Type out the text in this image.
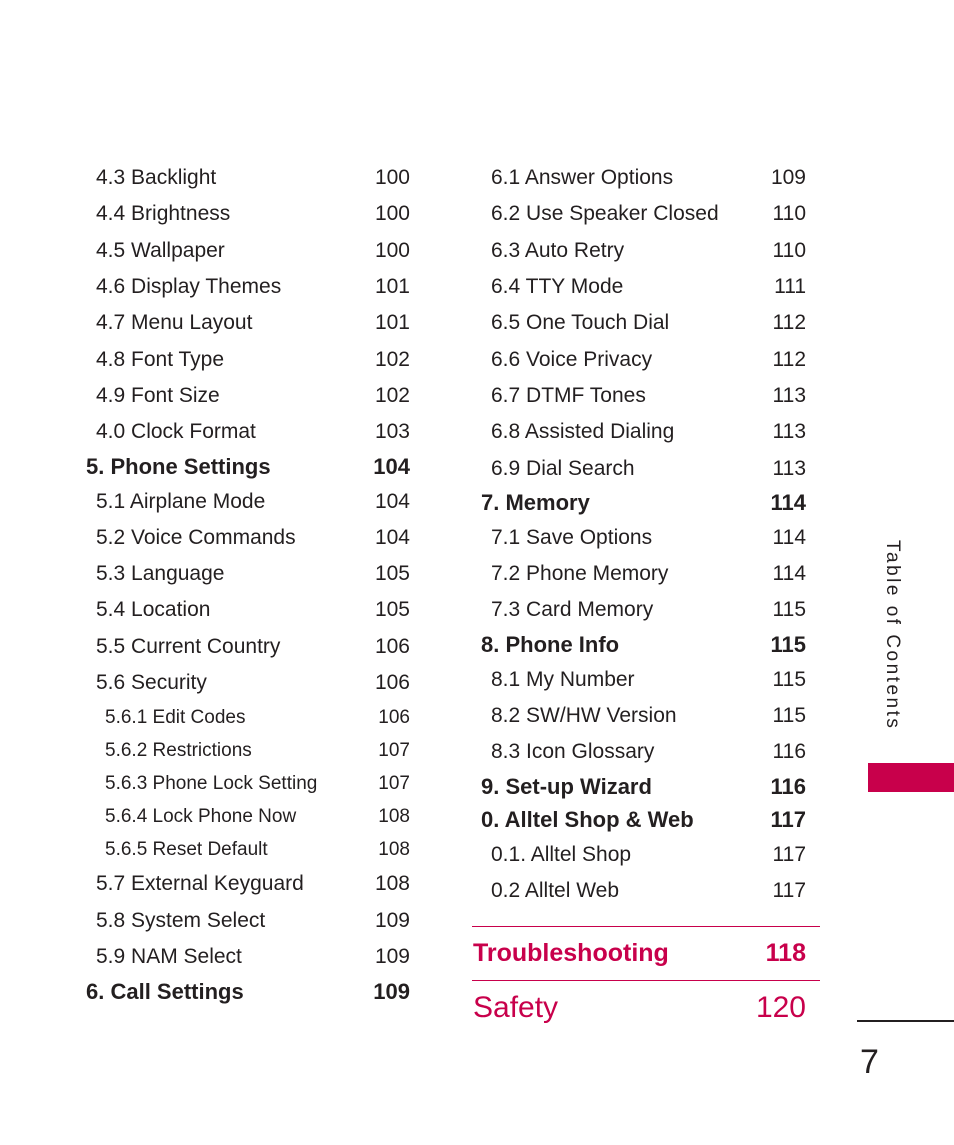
4.3 Backlight	100
4.4 Brightness	100
4.5 Wallpaper	100
4.6 Display Themes	101
4.7 Menu Layout	101
4.8 Font Type	102
4.9 Font Size	102
4.0 Clock Format	103
5. Phone Settings	104
5.1 Airplane Mode	104
5.2 Voice Commands	104
5.3 Language	105
5.4 Location	105
5.5 Current Country	106
5.6 Security	106
5.6.1 Edit Codes	106
5.6.2 Restrictions	107
5.6.3 Phone Lock Setting	107
5.6.4 Lock Phone Now	108
5.6.5 Reset Default	108
5.7 External Keyguard	108
5.8 System Select	109
5.9 NAM Select	109
6. Call Settings	109
6.1 Answer Options	109
6.2 Use Speaker Closed	110
6.3 Auto Retry	110
6.4 TTY Mode	111
6.5 One Touch Dial	112
6.6 Voice Privacy	112
6.7 DTMF Tones	113
6.8 Assisted Dialing	113
6.9 Dial Search	113
7. Memory	114
7.1 Save Options	114
7.2 Phone Memory	114
7.3 Card Memory	115
8. Phone Info	115
8.1 My Number	115
8.2 SW/HW Version	115
8.3 Icon Glossary	116
9. Set-up Wizard	116
0. Alltel Shop & Web	117
0.1. Alltel Shop	117
0.2 Alltel Web	117
Troubleshooting	118
Safety	120
Table of Contents
7
